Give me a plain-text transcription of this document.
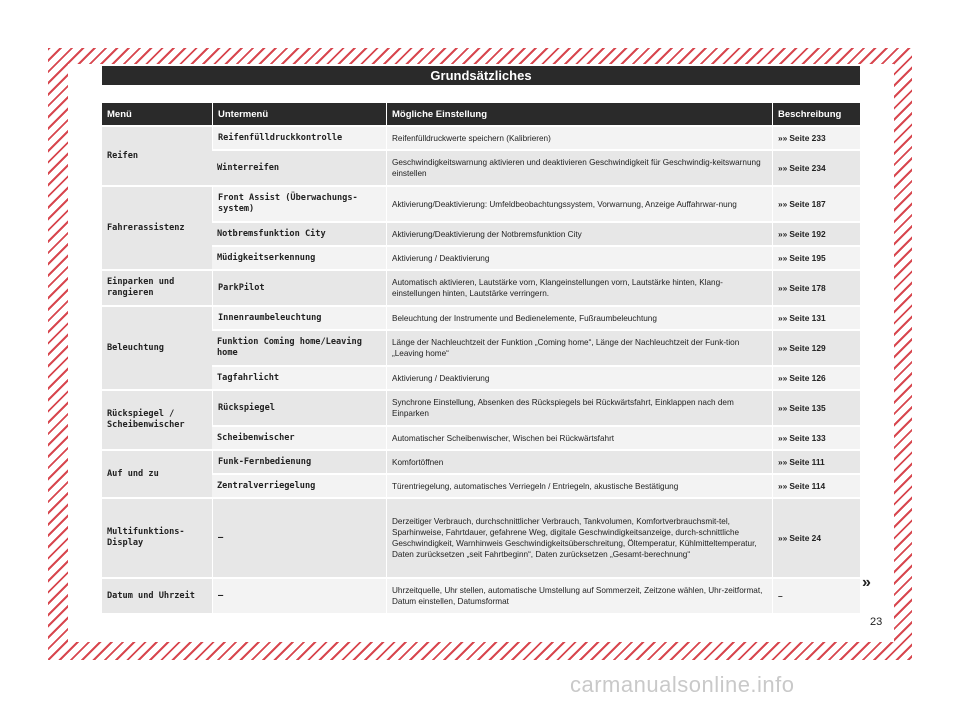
Grundsätzliches
Menü	Untermenü	Mögliche Einstellung	Beschreibung
Reifen	Reifenfülldruckkontrolle	Reifenfülldruckwerte speichern (Kalibrieren)	»» Seite 233
	Winterreifen	Geschwindigkeitswarnung aktivieren und deaktivieren Geschwindigkeit für Geschwindig-keitswarnung einstellen	»» Seite 234
Fahrerassistenz	Front Assist (Überwachungs-system)	Aktivierung/Deaktivierung: Umfeldbeobachtungssystem, Vorwarnung, Anzeige Auffahrwar-nung	»» Seite 187
	Notbremsfunktion City	Aktivierung/Deaktivierung der Notbremsfunktion City	»» Seite 192
	Müdigkeitserkennung	Aktivierung / Deaktivierung	»» Seite 195
Einparken und rangieren	ParkPilot	Automatisch aktivieren, Lautstärke vorn, Klangeinstellungen vorn, Lautstärke hinten, Klang-einstellungen hinten, Lautstärke verringern.	»» Seite 178
Beleuchtung	Innenraumbeleuchtung	Beleuchtung der Instrumente und Bedienelemente, Fußraumbeleuchtung	»» Seite 131
	Funktion Coming home/Leaving home	Länge der Nachleuchtzeit der Funktion „Coming home“, Länge der Nachleuchtzeit der Funk-tion „Leaving home“	»» Seite 129
	Tagfahrlicht	Aktivierung / Deaktivierung	»» Seite 126
Rückspiegel / Scheibenwischer	Rückspiegel	Synchrone Einstellung, Absenken des Rückspiegels bei Rückwärtsfahrt, Einklappen nach dem Einparken	»» Seite 135
	Scheibenwischer	Automatischer Scheibenwischer, Wischen bei Rückwärtsfahrt	»» Seite 133
Auf und zu	Funk-Fernbedienung	Komfortöffnen	»» Seite 111
	Zentralverriegelung	Türentriegelung, automatisches Verriegeln / Entriegeln, akustische Bestätigung	»» Seite 114
Multifunktions-Display	–	Derzeitiger Verbrauch, durchschnittlicher Verbrauch, Tankvolumen, Komfortverbrauchsmit-tel, Sparhinweise, Fahrtdauer, gefahrene Weg, digitale Geschwindigkeitsanzeige, durch-schnittliche Geschwindigkeit, Warnhinweis Geschwindigkeitsüberschreitung, Öltemperatur, Kühlmitteltemperatur, Daten zurücksetzen „seit Fahrtbeginn“, Daten zurücksetzen „Gesamt-berechnung“	»» Seite 24
Datum und Uhrzeit	–	Uhrzeitquelle, Uhr stellen, automatische Umstellung auf Sommerzeit, Zeitzone wählen, Uhr-zeitformat, Datum einstellen, Datumsformat	–
»
23
carmanualsonline.info
